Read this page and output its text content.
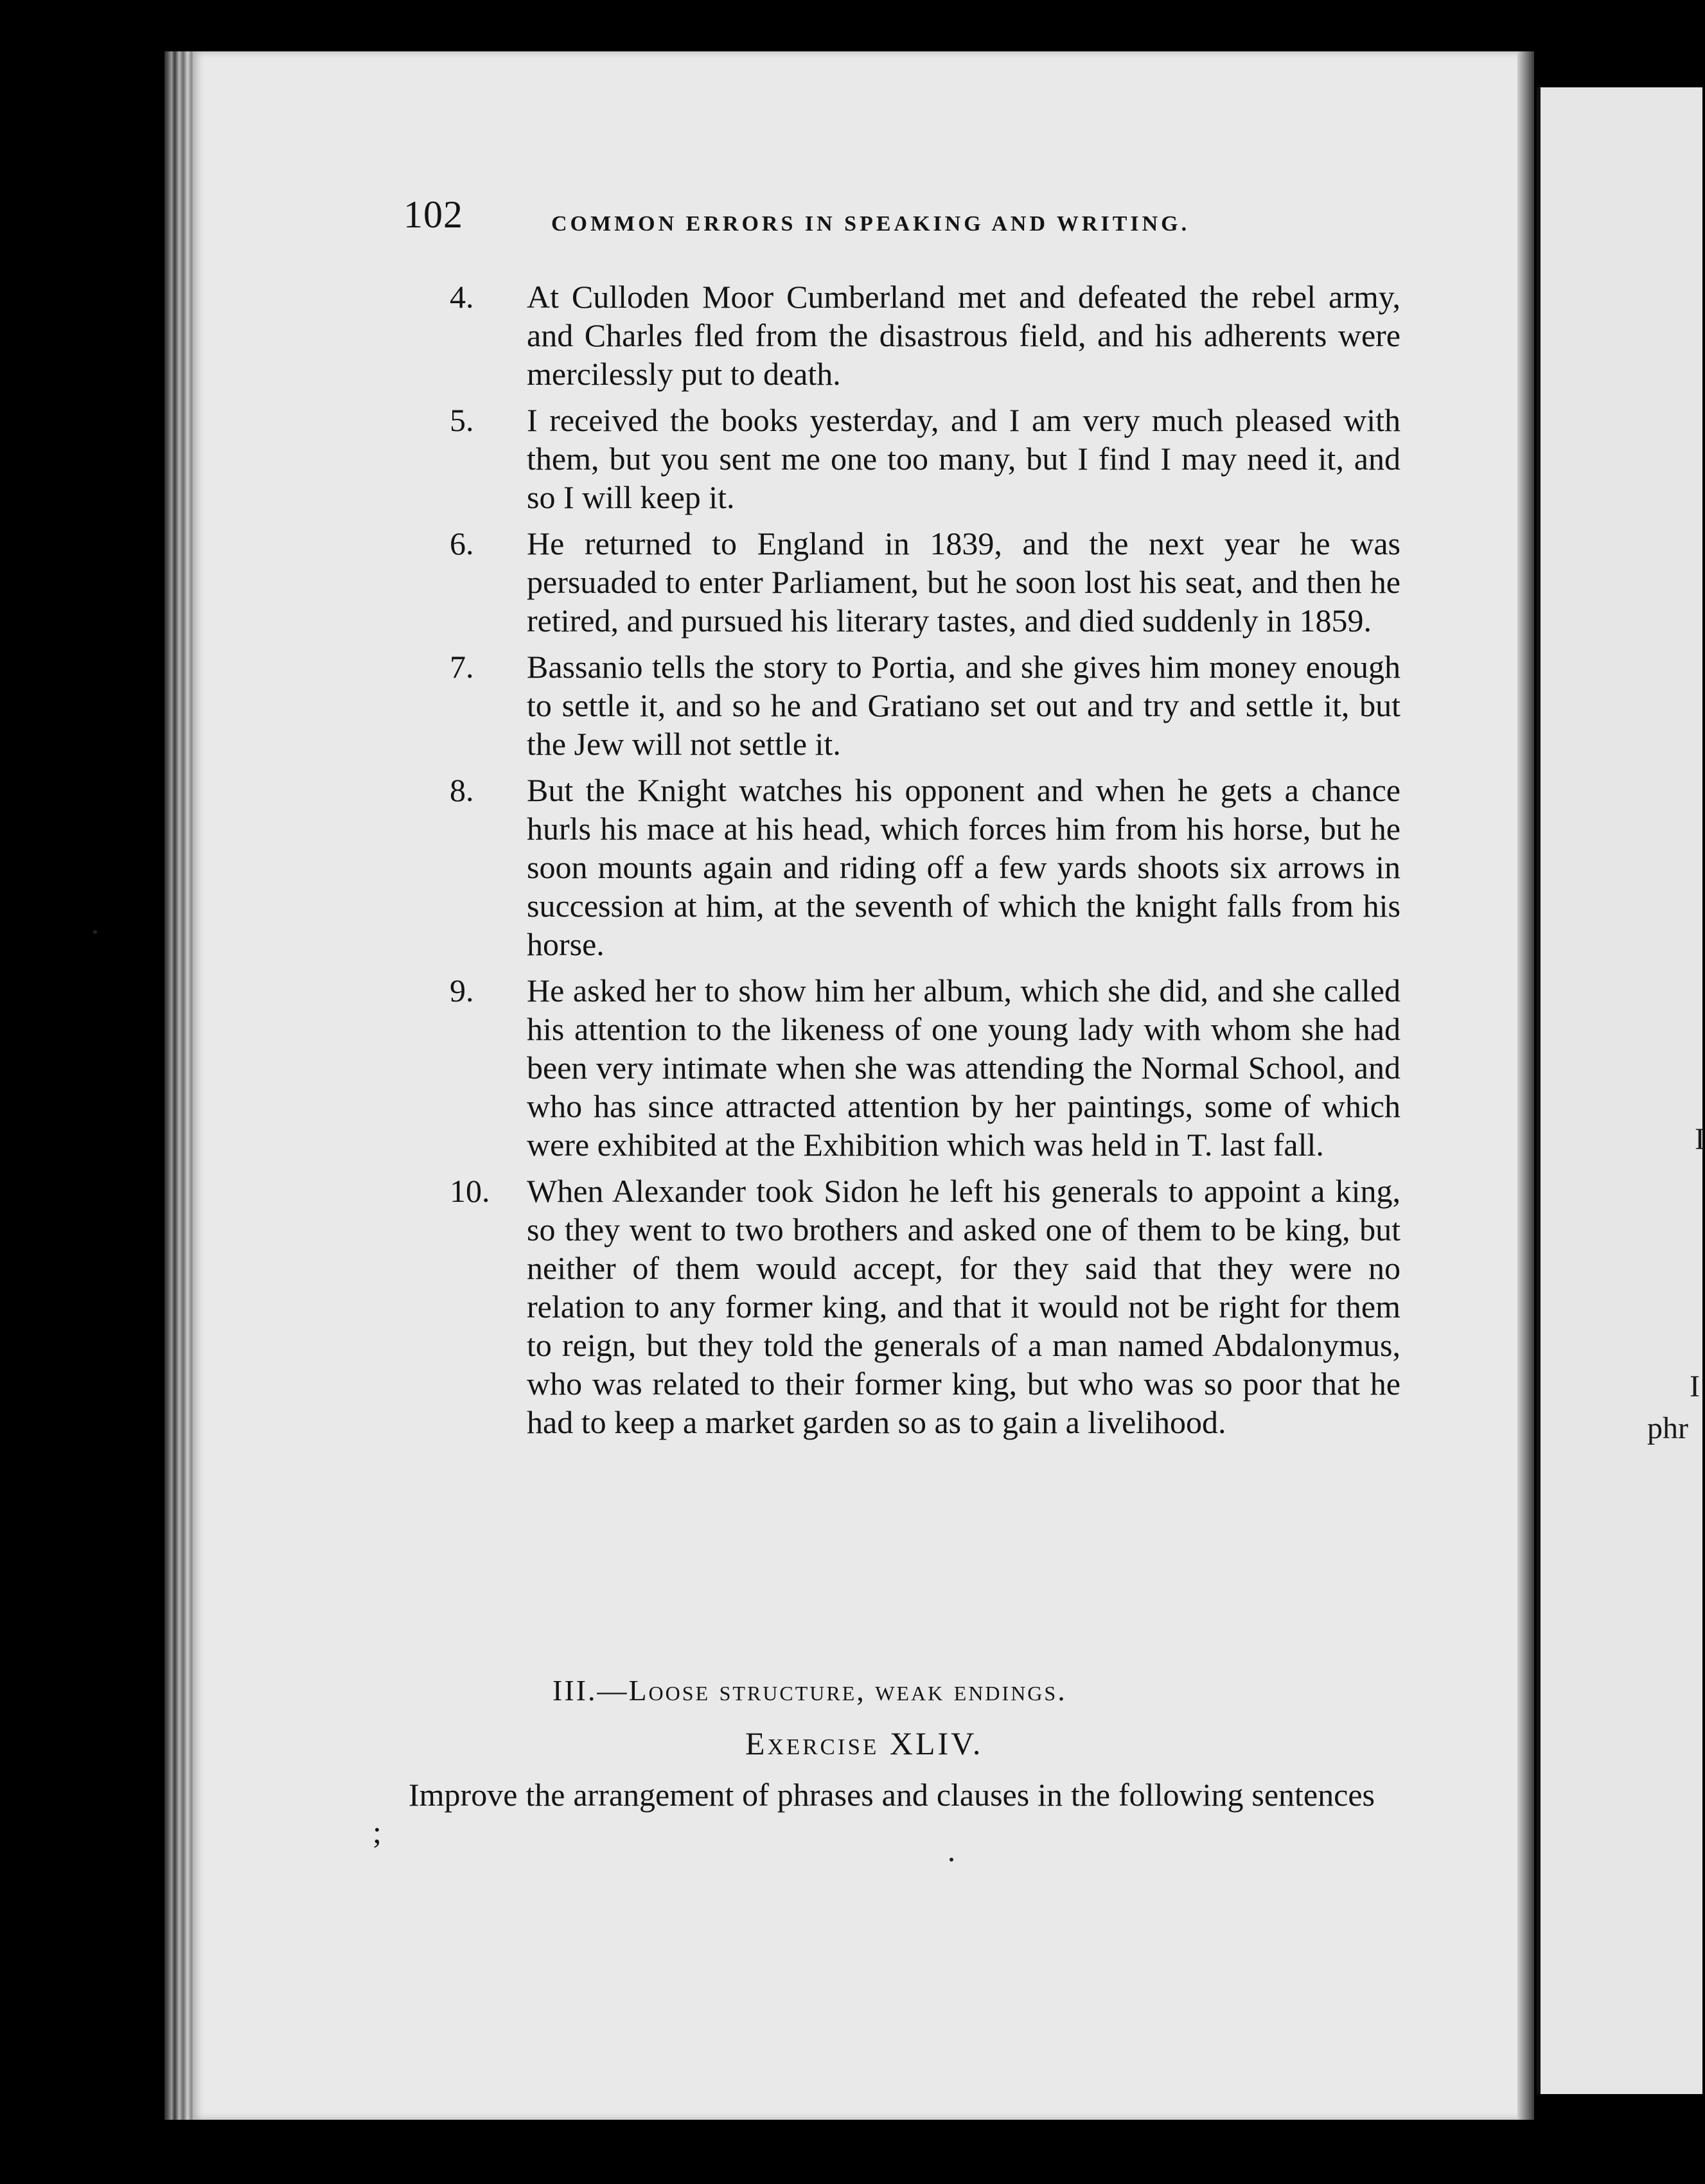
I
I
phr
102	COMMON ERRORS IN SPEAKING AND WRITING.
4. At Culloden Moor Cumberland met and defeated the rebel army, and Charles fled from the disastrous field, and his adherents were mercilessly put to death.
5. I received the books yesterday, and I am very much pleased with them, but you sent me one too many, but I find I may need it, and so I will keep it.
6. He returned to England in 1839, and the next year he was persuaded to enter Parliament, but he soon lost his seat, and then he retired, and pursued his literary tastes, and died suddenly in 1859.
7. Bassanio tells the story to Portia, and she gives him money enough to settle it, and so he and Gratiano set out and try and settle it, but the Jew will not settle it.
8. But the Knight watches his opponent and when he gets a chance hurls his mace at his head, which forces him from his horse, but he soon mounts again and riding off a few yards shoots six arrows in succession at him, at the seventh of which the knight falls from his horse.
9. He asked her to show him her album, which she did, and she called his attention to the likeness of one young lady with whom she had been very intimate when she was attending the Normal School, and who has since attracted attention by her paintings, some of which were exhibited at the Exhibition which was held in T. last fall.
10. When Alexander took Sidon he left his generals to appoint a king, so they went to two brothers and asked one of them to be king, but neither of them would accept, for they said that they were no relation to any former king, and that it would not be right for them to reign, but they told the generals of a man named Abdalonymus, who was related to their former king, but who was so poor that he had to keep a market garden so as to gain a livelihood.
III.—Loose structure, weak endings.
Exercise XLIV.
Improve the arrangement of phrases and clauses in the following sentences ;
